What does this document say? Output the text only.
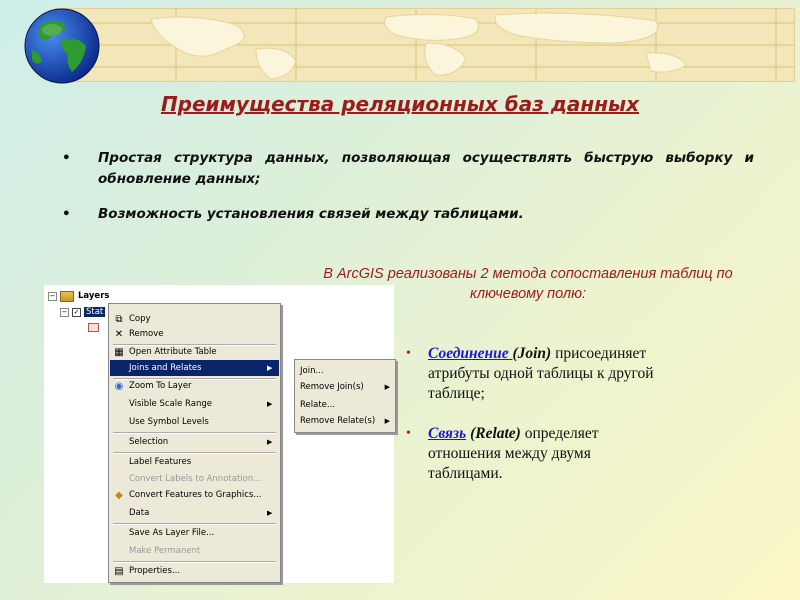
Преимущества реляционных баз данных
• Простая структура данных, позволяющая осуществлять быструю выборку и обновление данных;
• Возможность установления связей между таблицами.
В ArcGIS реализованы 2 метода сопоставления таблиц по ключевому полю:
• Соединение (Join) присоединяет атрибуты одной таблицы к другой таблице;
• Связь (Relate) определяет отношения между двумя таблицами.
−	Layers
− ✓ Stat
⧉ Copy
✕ Remove
▦ Open Attribute Table
Joins and Relates	▶
◉ Zoom To Layer
Visible Scale Range	▶
Use Symbol Levels
Selection	▶
Label Features
Convert Labels to Annotation...
◆ Convert Features to Graphics...
Data	▶
Save As Layer File...
Make Permanent
▤ Properties...
Join...
Remove Join(s)	▶
Relate...
Remove Relate(s) ▶
